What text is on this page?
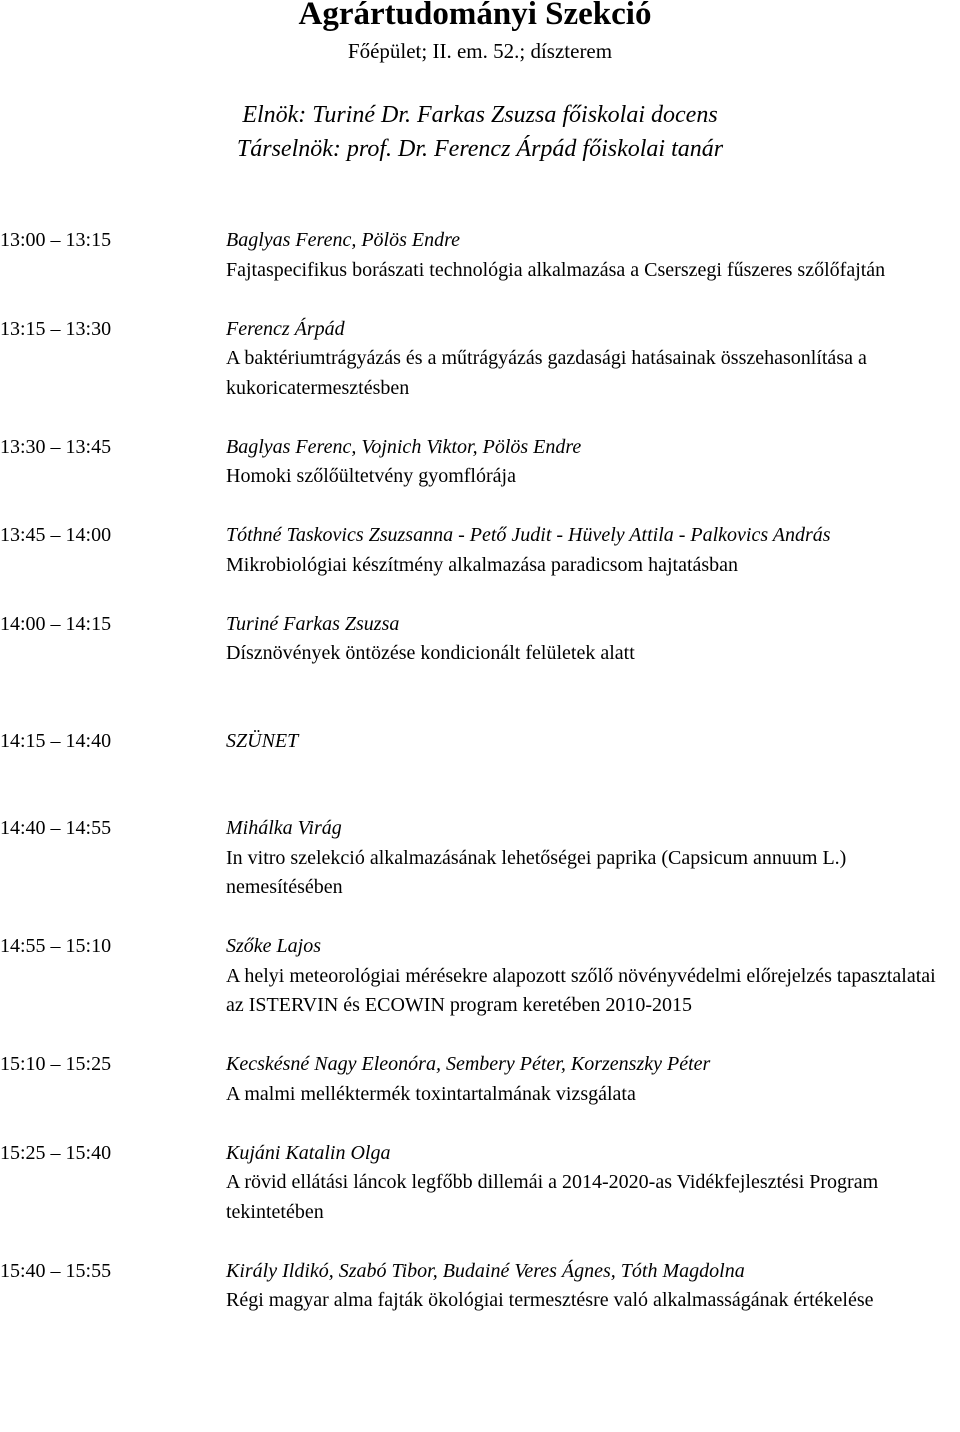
Agrártudományi Szekció
Főépület; II. em. 52.; díszterem
Elnök: Turiné Dr. Farkas Zsuzsa főiskolai docens
Társelnök: prof. Dr. Ferencz Árpád főiskolai tanár
13:00 – 13:15	Baglyas Ferenc, Pölös Endre
Fajtaspecifikus borászati technológia alkalmazása a Cserszegi fűszeres szőlőfajtán
13:15 – 13:30	Ferencz Árpád
A baktériumtrágyázás és a műtrágyázás gazdasági hatásainak összehasonlítása a kukoricatermesztésben
13:30 – 13:45	Baglyas Ferenc, Vojnich Viktor, Pölös Endre
Homoki szőlőültetvény gyomflórája
13:45 – 14:00	Tóthné Taskovics Zsuzsanna - Pető Judit - Hüvely Attila - Palkovics András
Mikrobiológiai készítmény alkalmazása paradicsom hajtatásban
14:00 – 14:15	Turiné Farkas Zsuzsa
Dísznövények öntözése kondicionált felületek alatt
14:15 – 14:40	SZÜNET
14:40 – 14:55	Mihálka Virág
In vitro szelekció alkalmazásának lehetőségei paprika (Capsicum annuum L.) nemesítésében
14:55 – 15:10	Szőke Lajos
A helyi meteorológiai mérésekre alapozott szőlő növényvédelmi előrejelzés tapasztalatai az ISTERVIN és ECOWIN program keretében 2010-2015
15:10 – 15:25	Kecskésné Nagy Eleonóra, Sembery Péter, Korzenszky Péter
A malmi melléktermék toxintartalmának vizsgálata
15:25 – 15:40	Kujáni Katalin Olga
A rövid ellátási láncok legfőbb dillemái a 2014-2020-as Vidékfejlesztési Program tekintetében
15:40 – 15:55	Király Ildikó, Szabó Tibor, Budainé Veres Ágnes, Tóth Magdolna
Régi magyar alma fajták ökológiai termesztésre való alkalmasságának értékelése
